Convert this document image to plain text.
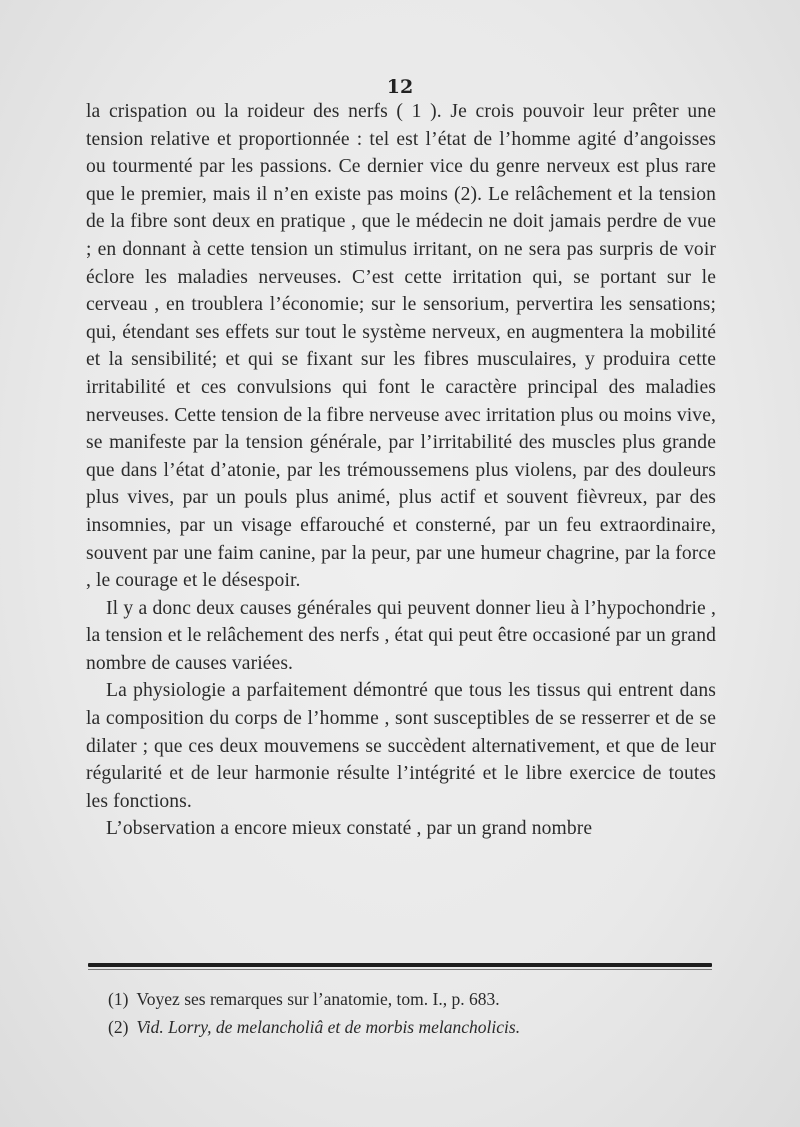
12

la crispation ou la roideur des nerfs ( 1 ). Je crois pouvoir leur prêter une tension relative et proportionnée : tel est l’état de l’homme agité d’angoisses ou tourmenté par les passions. Ce dernier vice du genre nerveux est plus rare que le premier, mais il n’en existe pas moins (2). Le relâchement et la tension de la fibre sont deux en pratique , que le médecin ne doit jamais perdre de vue ; en donnant à cette tension un stimulus irritant, on ne sera pas surpris de voir éclore les maladies nerveuses. C’est cette irritation qui, se portant sur le cerveau , en troublera l’économie; sur le sensorium, pervertira les sensations; qui, étendant ses effets sur tout le système nerveux, en augmentera la mobilité et la sensibilité; et qui se fixant sur les fibres musculaires, y produira cette irritabilité et ces convulsions qui font le caractère principal des maladies nerveuses. Cette tension de la fibre nerveuse avec irritation plus ou moins vive, se manifeste par la tension générale, par l’irritabilité des muscles plus grande que dans l’état d’atonie, par les trémoussemens plus violens, par des douleurs plus vives, par un pouls plus animé, plus actif et souvent fièvreux, par des insomnies, par un visage effarouché et consterné, par un feu extraordinaire, souvent par une faim canine, par la peur, par une humeur chagrine, par la force , le courage et le désespoir.

Il y a donc deux causes générales qui peuvent donner lieu à l’hypochondrie , la tension et le relâchement des nerfs , état qui peut être occasioné par un grand nombre de causes variées.

La physiologie a parfaitement démontré que tous les tissus qui entrent dans la composition du corps de l’homme , sont susceptibles de se resserrer et de se dilater ; que ces deux mouvemens se succèdent alternativement, et que de leur régularité et de leur harmonie résulte l’intégrité et le libre exercice de toutes les fonctions.

L’observation a encore mieux constaté , par un grand nombre

(1) Voyez ses remarques sur l’anatomie, tom. I., p. 683.
(2) Vid. Lorry, de melancholiâ et de morbis melancholicis.
